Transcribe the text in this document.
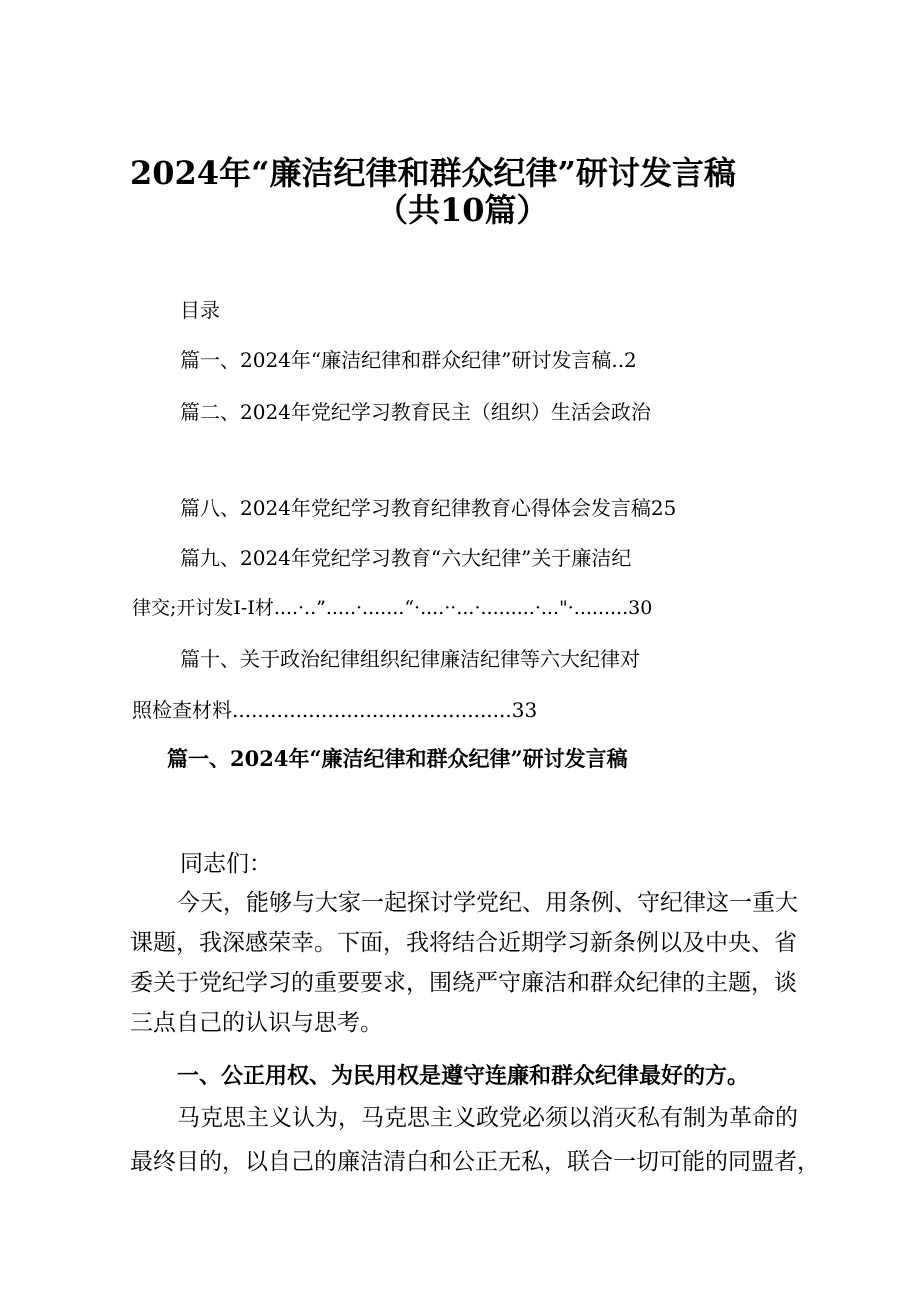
2024年“廉洁纪律和群众纪律”研讨发言稿
（共10篇）
目录
篇一、2024年“廉洁纪律和群众纪律”研讨发言稿..2
篇二、2024年党纪学习教育民主（组织）生活会政治
篇八、2024年党纪学习教育纪律教育心得体会发言稿25
篇九、2024年党纪学习教育“六大纪律”关于廉洁纪
律交;开讨发I-I材....·..”.....·.......“·....··...·.........·..."·.........30
篇十、关于政治纪律组织纪律廉洁纪律等六大纪律对
照检查材料............................................33
篇一、2024年“廉洁纪律和群众纪律”研讨发言稿
同志们：
今天，能够与大家一起探讨学党纪、用条例、守纪律这一重大
课题，我深感荣幸。下面，我将结合近期学习新条例以及中央、省
委关于党纪学习的重要要求，围绕严守廉洁和群众纪律的主题，谈
三点自己的认识与思考。
一、公正用权、为民用权是遵守连廉和群众纪律最好的方。
马克思主义认为，马克思主义政党必须以消灭私有制为革命的
最终目的，以自己的廉洁清白和公正无私，联合一切可能的同盟者，
